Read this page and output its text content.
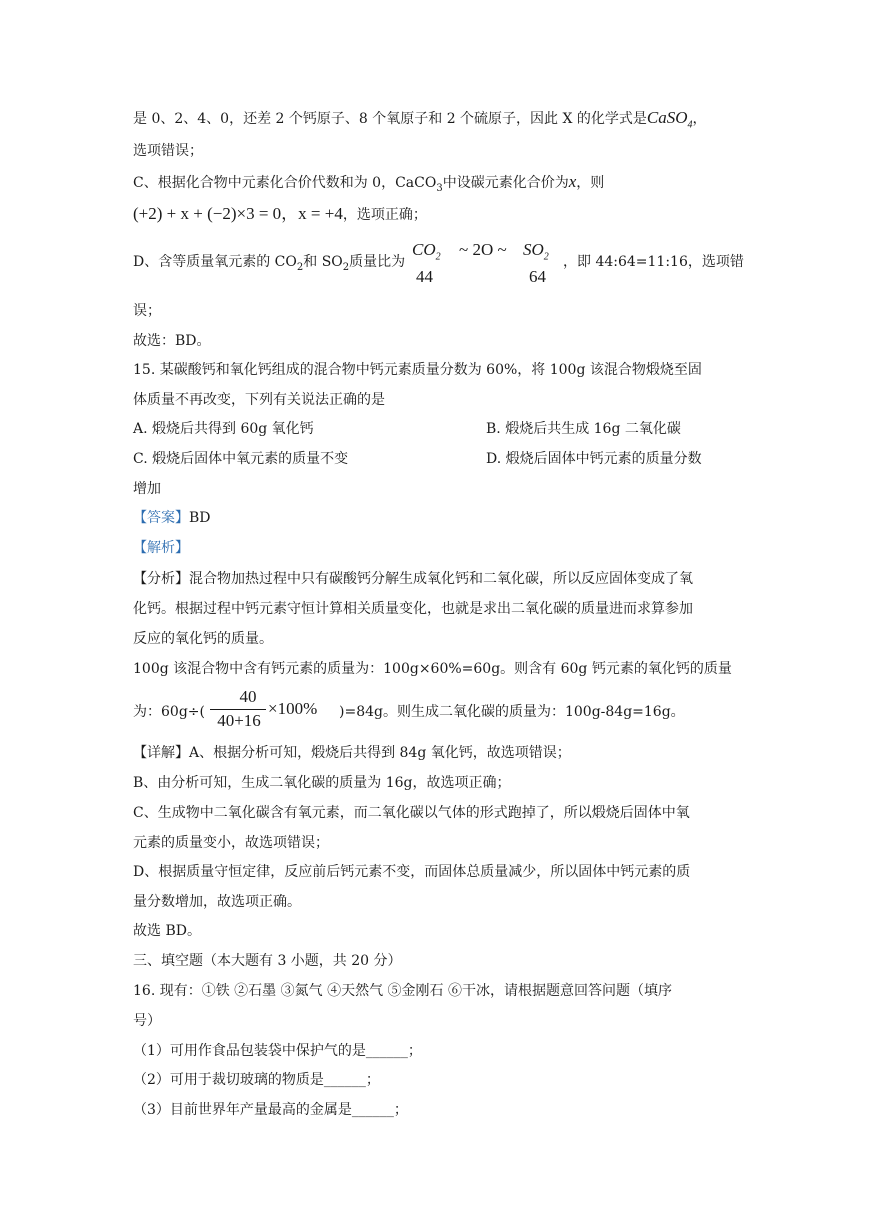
是 0、2、4、0，还差 2 个钙原子、8 个氧原子和 2 个硫原子，因此 X 的化学式是CaSO$_4$，
选项错误；
C、根据化合物中元素化合价代数和为 0，CaCO$_3$中设碳元素化合价为x，则
(+2) + x + (−2)×3 = 0，x = +4，选项正确；
D、含等质量氧元素的 $CO_2$和 $SO_2$质量比为
$CO_2$ ~ 2O ~ $SO_2$
44	64
，即 44:64=11:16，选项错
误；
故选：BD。
15. 某碳酸钙和氧化钙组成的混合物中钙元素质量分数为 60%，将 100g 该混合物煅烧至固
体质量不再改变，下列有关说法正确的是
A. 煅烧后共得到 60g 氧化钙	B. 煅烧后共生成 16g 二氧化碳
C. 煅烧后固体中氧元素的质量不变	D. 煅烧后固体中钙元素的质量分数
增加
【答案】BD
【解析】
【分析】混合物加热过程中只有碳酸钙分解生成氧化钙和二氧化碳，所以反应固体变成了氧
化钙。根据过程中钙元素守恒计算相关质量变化，也就是求出二氧化碳的质量进而求算参加
反应的氧化钙的质量。
100g 该混合物中含有钙元素的质量为：100g×60%=60g。则含有 60g 钙元素的氧化钙的质量
为：60g÷(
40
40+16
×100% )=84g。则生成二氧化碳的质量为：100g-84g=16g。
【详解】A、根据分析可知，煅烧后共得到 84g 氧化钙，故选项错误；
B、由分析可知，生成二氧化碳的质量为 16g，故选项正确；
C、生成物中二氧化碳含有氧元素，而二氧化碳以气体的形式跑掉了，所以煅烧后固体中氧
元素的质量变小，故选项错误；
D、根据质量守恒定律，反应前后钙元素不变，而固体总质量减少，所以固体中钙元素的质
量分数增加，故选项正确。
故选 BD。
三、填空题（本大题有 3 小题，共 20 分）
16. 现有：①铁 ②石墨 ③氮气 ④天然气 ⑤金刚石 ⑥干冰，请根据题意回答问题（填序
号）
（1）可用作食品包装袋中保护气的是______；
（2）可用于裁切玻璃的物质是______；
（3）目前世界年产量最高的金属是______；
